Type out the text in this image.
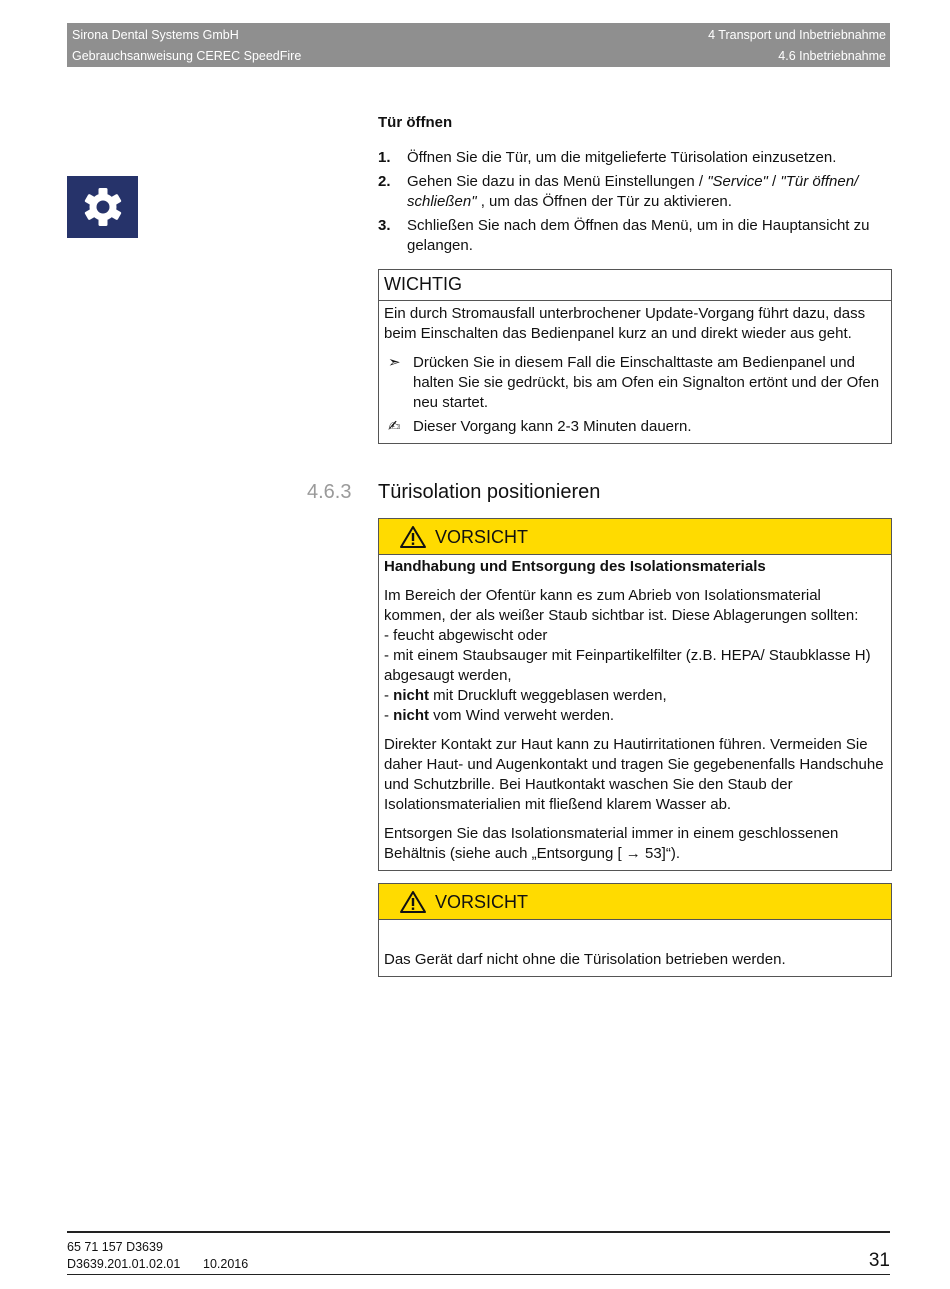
Sirona Dental Systems GmbH
Gebrauchsanweisung CEREC SpeedFire
4 Transport und Inbetriebnahme
4.6 Inbetriebnahme
Tür öffnen
1. Öffnen Sie die Tür, um die mitgelieferte Türisolation einzusetzen.
2. Gehen Sie dazu in das Menü Einstellungen / "Service" / "Tür öffnen/ schließen" , um das Öffnen der Tür zu aktivieren.
3. Schließen Sie nach dem Öffnen das Menü, um in die Hauptansicht zu gelangen.
WICHTIG

Ein durch Stromausfall unterbrochener Update-Vorgang führt dazu, dass beim Einschalten das Bedienpanel kurz an und direkt wieder aus geht.

➣ Drücken Sie in diesem Fall die Einschalttaste am Bedienpanel und halten Sie sie gedrückt, bis am Ofen ein Signalton ertönt und der Ofen neu startet.
✍ Dieser Vorgang kann 2-3 Minuten dauern.
4.6.3 Türisolation positionieren
VORSICHT

Handhabung und Entsorgung des Isolationsmaterials

Im Bereich der Ofentür kann es zum Abrieb von Isolationsmaterial kommen, der als weißer Staub sichtbar ist. Diese Ablagerungen sollten:

- feucht abgewischt oder
- mit einem Staubsauger mit Feinpartikelfilter (z.B. HEPA/ Staubklasse H) abgesaugt werden,
- nicht mit Druckluft weggeblasen werden,
- nicht vom Wind verweht werden.

Direkter Kontakt zur Haut kann zu Hautirritationen führen. Vermeiden Sie daher Haut- und Augenkontakt und tragen Sie gegebenenfalls Handschuhe und Schutzbrille. Bei Hautkontakt waschen Sie den Staub der Isolationsmaterialien mit fließend klarem Wasser ab.

Entsorgen Sie das Isolationsmaterial immer in einem geschlossenen Behältnis (siehe auch „Entsorgung [ → 53]“).

VORSICHT
Das Gerät darf nicht ohne die Türisolation betrieben werden.
65 71 157 D3639
D3639.201.01.02.01 10.2016	31
